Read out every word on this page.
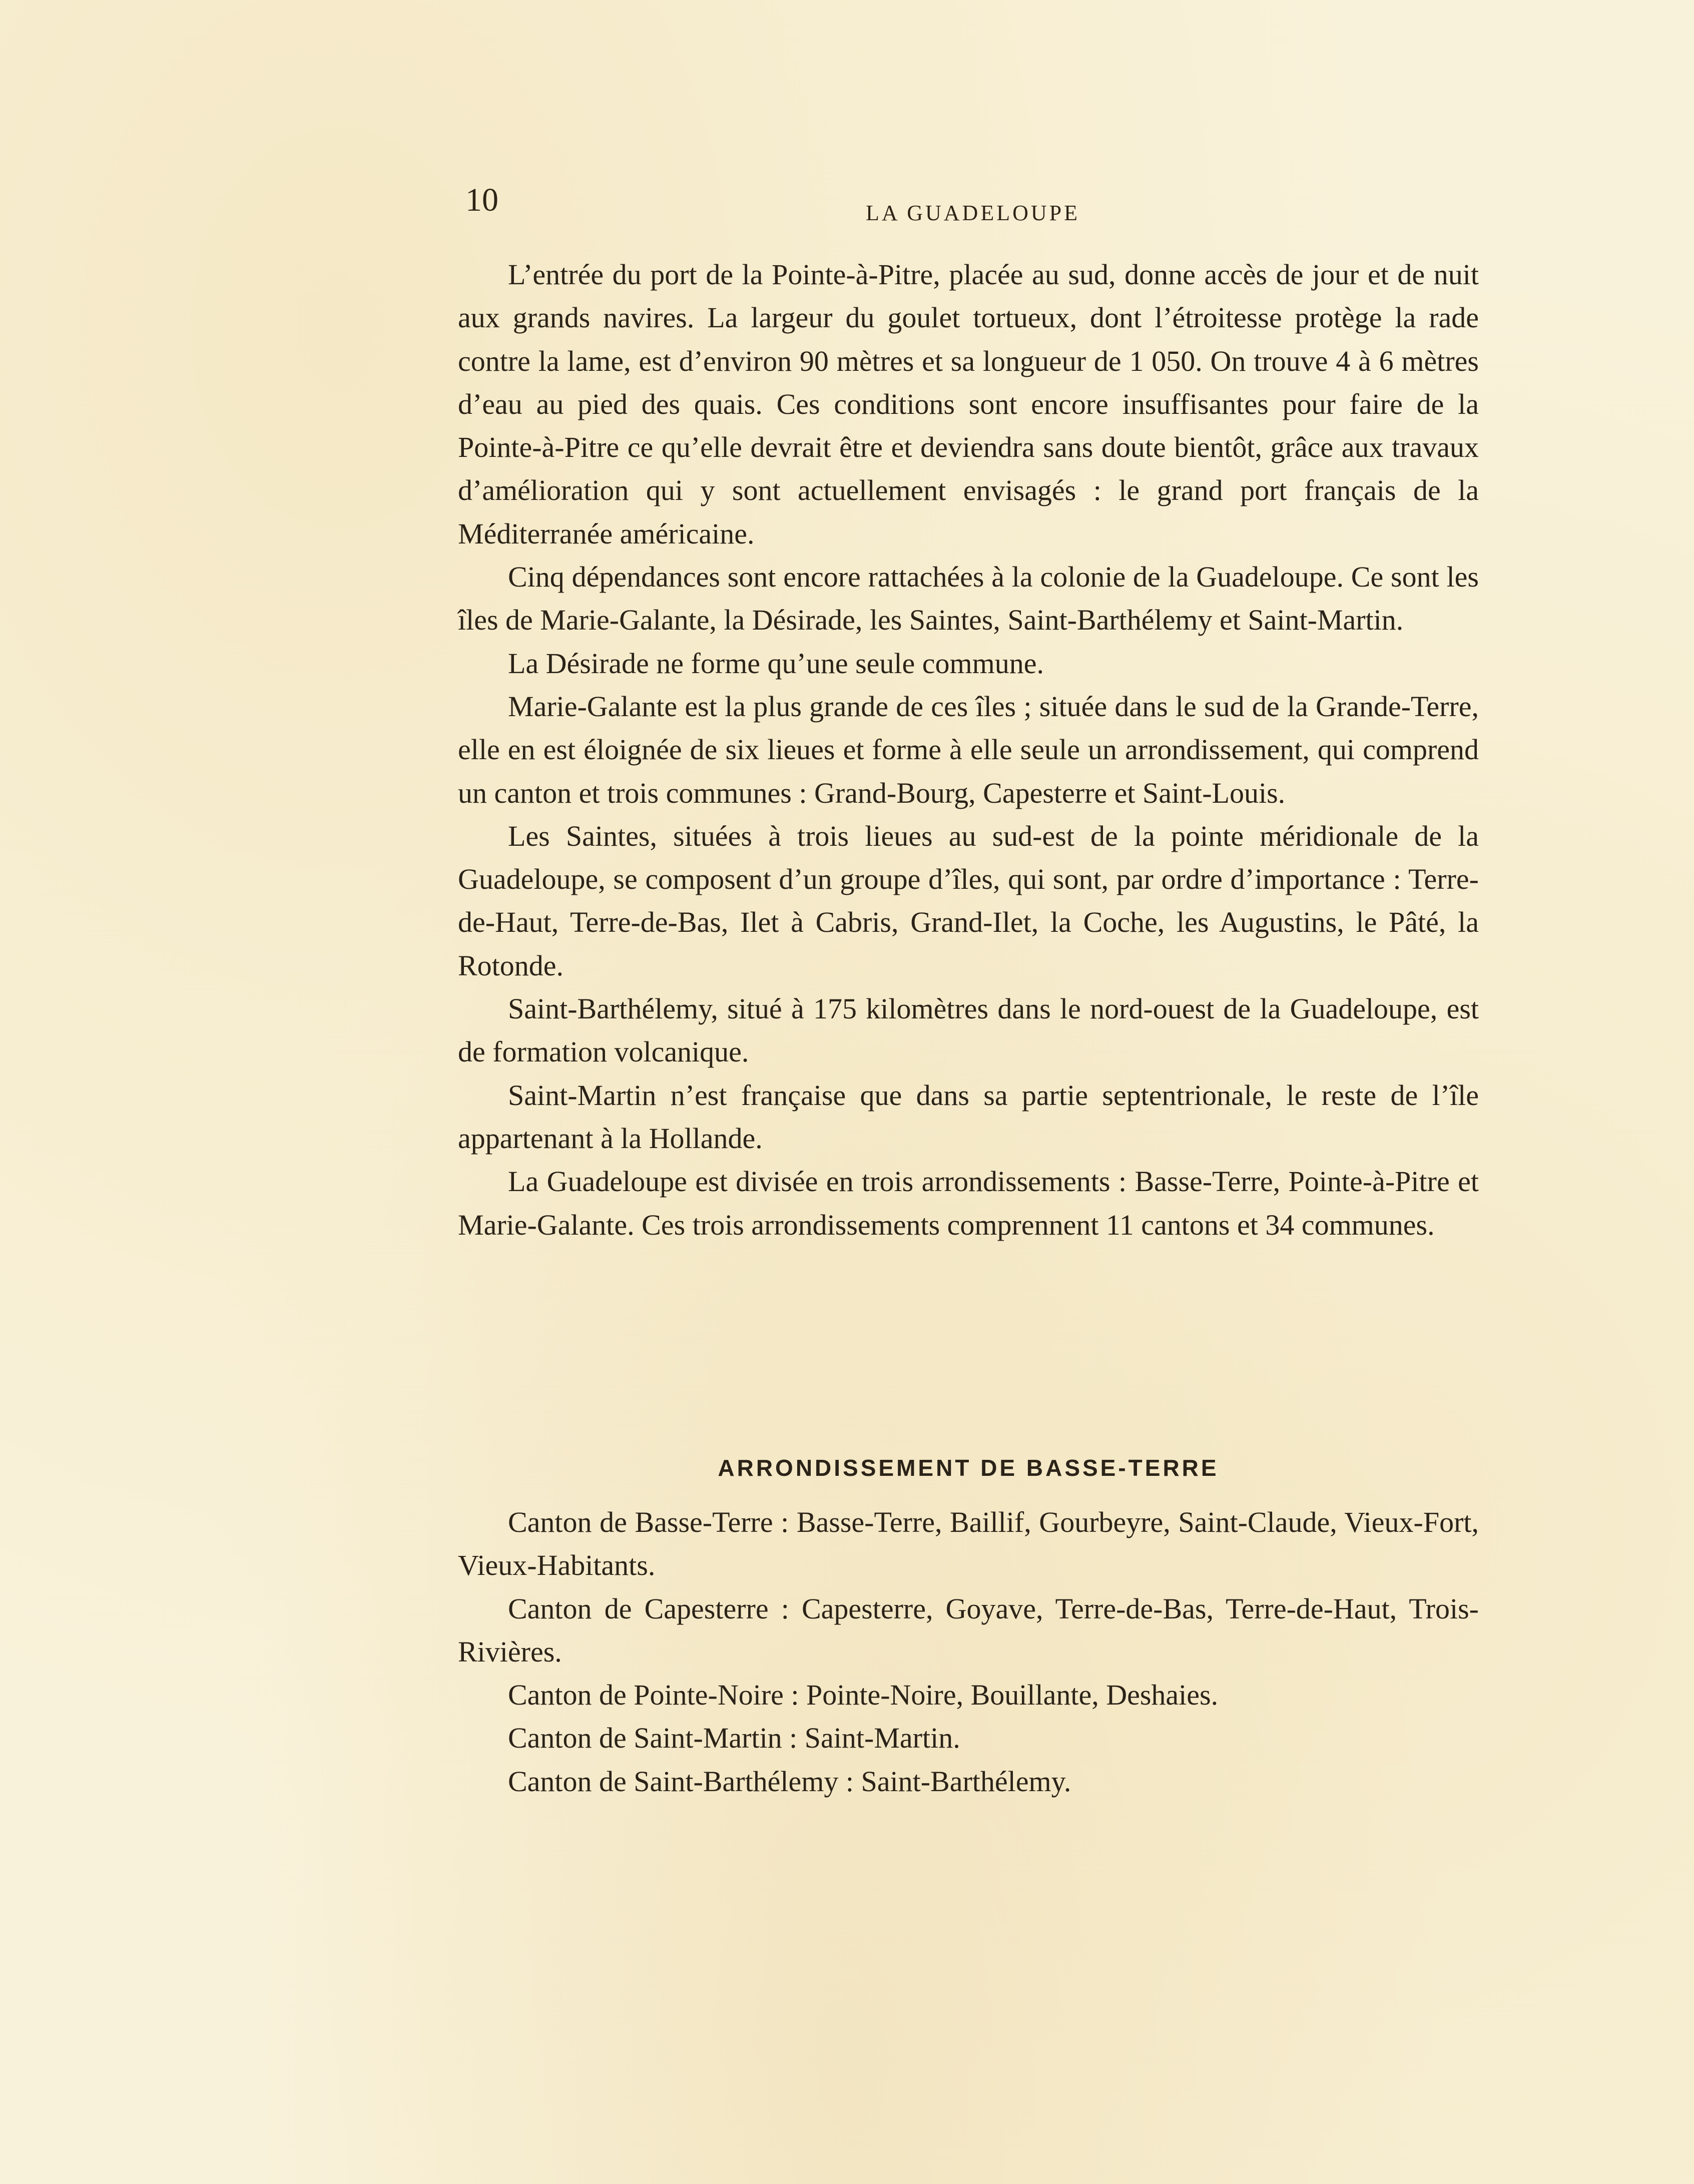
10	LA GUADELOUPE

L’entrée du port de la Pointe-à-Pitre, placée au sud, donne accès de jour et de nuit aux grands navires. La largeur du goulet tortueux, dont l’étroitesse protège la rade contre la lame, est d’environ 90 mètres et sa longueur de 1 050. On trouve 4 à 6 mètres d’eau au pied des quais. Ces conditions sont encore insuffisantes pour faire de la Pointe-à-Pitre ce qu’elle devrait être et deviendra sans doute bientôt, grâce aux travaux d’amélioration qui y sont actuellement envisagés : le grand port français de la Méditerranée américaine.

Cinq dépendances sont encore rattachées à la colonie de la Guadeloupe. Ce sont les îles de Marie-Galante, la Désirade, les Saintes, Saint-Barthélemy et Saint-Martin.

La Désirade ne forme qu’une seule commune.

Marie-Galante est la plus grande de ces îles ; située dans le sud de la Grande-Terre, elle en est éloignée de six lieues et forme à elle seule un arrondissement, qui comprend un canton et trois communes : Grand-Bourg, Capesterre et Saint-Louis.

Les Saintes, situées à trois lieues au sud-est de la pointe méridionale de la Guadeloupe, se composent d’un groupe d’îles, qui sont, par ordre d’importance : Terre-de-Haut, Terre-de-Bas, Ilet à Cabris, Grand-Ilet, la Coche, les Augustins, le Pâté, la Rotonde.

Saint-Barthélemy, situé à 175 kilomètres dans le nord-ouest de la Guadeloupe, est de formation volcanique.

Saint-Martin n’est française que dans sa partie septentrionale, le reste de l’île appartenant à la Hollande.

La Guadeloupe est divisée en trois arrondissements : Basse-Terre, Pointe-à-Pitre et Marie-Galante. Ces trois arrondissements comprennent 11 cantons et 34 communes.

ARRONDISSEMENT DE BASSE-TERRE

Canton de Basse-Terre : Basse-Terre, Baillif, Gourbeyre, Saint-Claude, Vieux-Fort, Vieux-Habitants.

Canton de Capesterre : Capesterre, Goyave, Terre-de-Bas, Terre-de-Haut, Trois-Rivières.

Canton de Pointe-Noire : Pointe-Noire, Bouillante, Deshaies.

Canton de Saint-Martin : Saint-Martin.

Canton de Saint-Barthélemy : Saint-Barthélemy.
